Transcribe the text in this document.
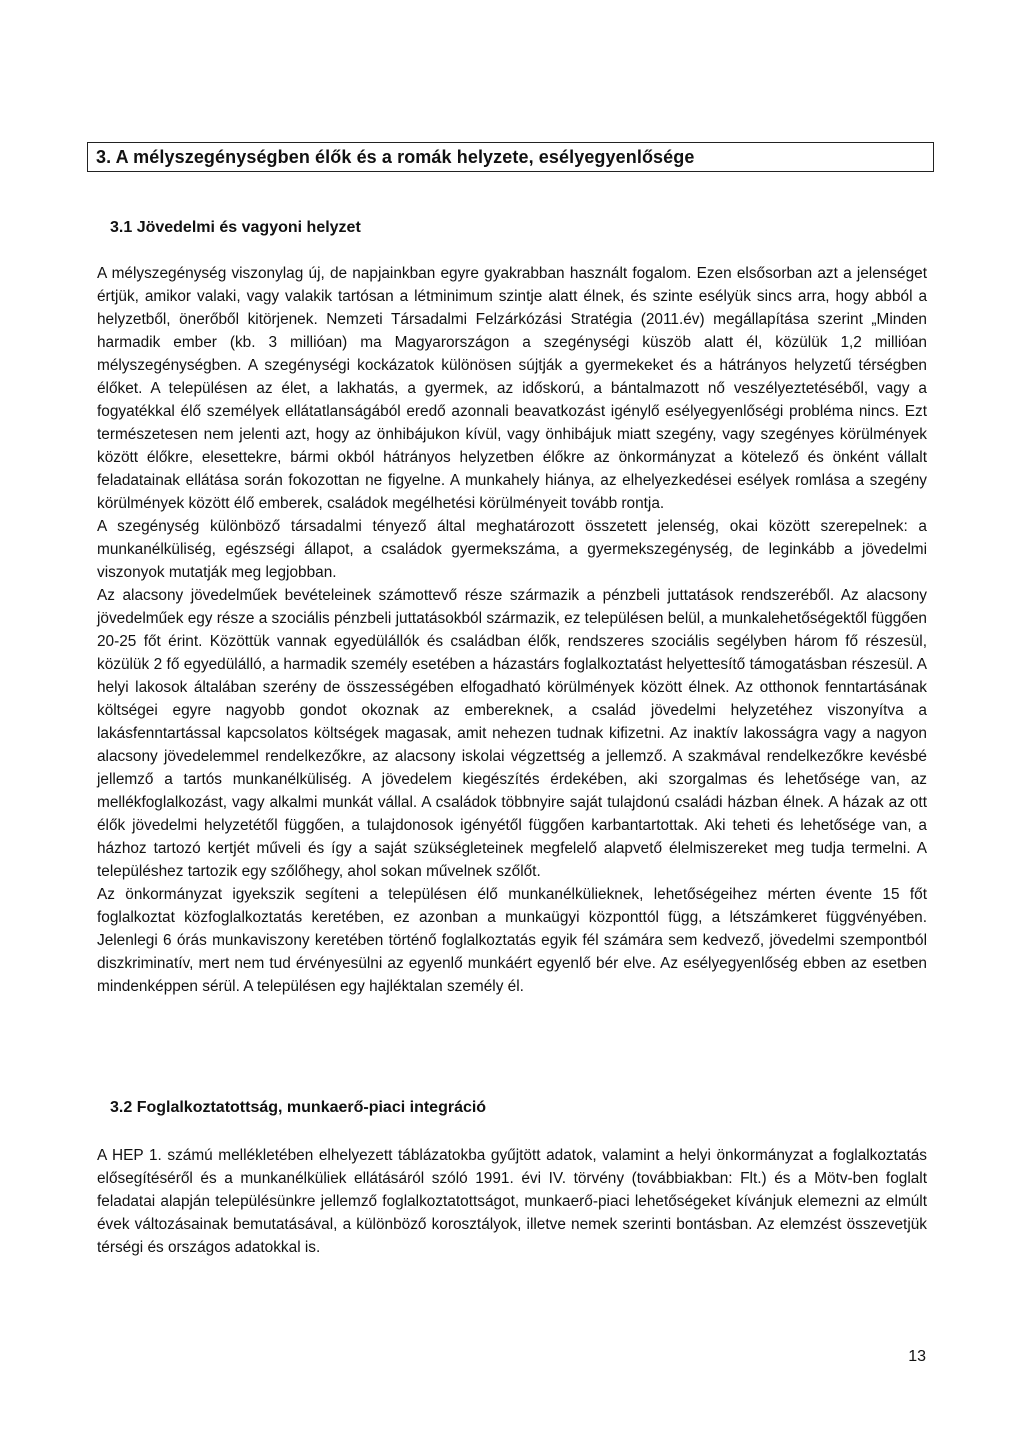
3. A mélyszegénységben élők és a romák helyzete, esélyegyenlősége
3.1 Jövedelmi és vagyoni helyzet

A mélyszegénység viszonylag új, de napjainkban egyre gyakrabban használt fogalom. Ezen elsősorban azt a jelenséget értjük, amikor valaki, vagy valakik tartósan a létminimum szintje alatt élnek, és szinte esélyük sincs arra, hogy abból a helyzetből, önerőből kitörjenek. Nemzeti Társadalmi Felzárkózási Stratégia (2011.év) megállapítása szerint „Minden harmadik ember (kb. 3 millióan) ma Magyarországon a szegénységi küszöb alatt él, közülük 1,2 millióan mélyszegénységben. A szegénységi kockázatok különösen sújtják a gyermekeket és a hátrányos helyzetű térségben élőket. A településen az élet, a lakhatás, a gyermek, az időskorú, a bántalmazott nő veszélyeztetéséből, vagy a fogyatékkal élő személyek ellátatlanságából eredő azonnali beavatkozást igénylő esélyegyenlőségi probléma nincs. Ezt természetesen nem jelenti azt, hogy az önhibájukon kívül, vagy önhibájuk miatt szegény, vagy szegényes körülmények között élőkre, elesettekre, bármi okból hátrányos helyzetben élőkre az önkormányzat a kötelező és önként vállalt feladatainak ellátása során fokozottan ne figyelne. A munkahely hiánya, az elhelyezkedései esélyek romlása a szegény körülmények között élő emberek, családok megélhetési körülményeit tovább rontja.

A szegénység különböző társadalmi tényező által meghatározott összetett jelenség, okai között szerepelnek: a munkanélküliség, egészségi állapot, a családok gyermekszáma, a gyermekszegénység, de leginkább a jövedelmi viszonyok mutatják meg legjobban.

Az alacsony jövedelműek bevételeinek számottevő része származik a pénzbeli juttatások rendszeréből. Az alacsony jövedelműek egy része a szociális pénzbeli juttatásokból származik, ez településen belül, a munkalehetőségektől függően 20-25 főt érint. Közöttük vannak egyedülállók és családban élők, rendszeres szociális segélyben három fő részesül, közülük 2 fő egyedülálló, a harmadik személy esetében a házastárs foglalkoztatást helyettesítő támogatásban részesül. A helyi lakosok általában szerény de összességében elfogadható körülmények között élnek. Az otthonok fenntartásának költségei egyre nagyobb gondot okoznak az embereknek, a család jövedelmi helyzetéhez viszonyítva a lakásfenntartással kapcsolatos költségek magasak, amit nehezen tudnak kifizetni. Az inaktív lakosságra vagy a nagyon alacsony jövedelemmel rendelkezőkre, az alacsony iskolai végzettség a jellemző. A szakmával rendelkezőkre kevésbé jellemző a tartós munkanélküliség. A jövedelem kiegészítés érdekében, aki szorgalmas és lehetősége van, az mellékfoglalkozást, vagy alkalmi munkát vállal. A családok többnyire saját tulajdonú családi házban élnek. A házak az ott élők jövedelmi helyzetétől függően, a tulajdonosok igényétől függően karbantartottak. Aki teheti és lehetősége van, a házhoz tartozó kertjét műveli és így a saját szükségleteinek megfelelő alapvető élelmiszereket meg tudja termelni. A településhez tartozik egy szőlőhegy, ahol sokan művelnek szőlőt.

Az önkormányzat igyekszik segíteni a településen élő munkanélkülieknek, lehetőségeihez mérten évente 15 főt foglalkoztat közfoglalkoztatás keretében, ez azonban a munkaügyi központtól függ, a létszámkeret függvényében. Jelenlegi 6 órás munkaviszony keretében történő foglalkoztatás egyik fél számára sem kedvező, jövedelmi szempontból diszkriminatív, mert nem tud érvényesülni az egyenlő munkáért egyenlő bér elve. Az esélyegyenlőség ebben az esetben mindenképpen sérül. A településen egy hajléktalan személy él.

3.2 Foglalkoztatottság, munkaerő-piaci integráció

A HEP 1. számú mellékletében elhelyezett táblázatokba gyűjtött adatok, valamint a helyi önkormányzat a foglalkoztatás elősegítéséről és a munkanélküliek ellátásáról szóló 1991. évi IV. törvény (továbbiakban: Flt.) és a Mötv-ben foglalt feladatai alapján településünkre jellemző foglalkoztatottságot, munkaerő-piaci lehetőségeket kívánjuk elemezni az elmúlt évek változásainak bemutatásával, a különböző korosztályok, illetve nemek szerinti bontásban. Az elemzést összevetjük térségi és országos adatokkal is.

13
